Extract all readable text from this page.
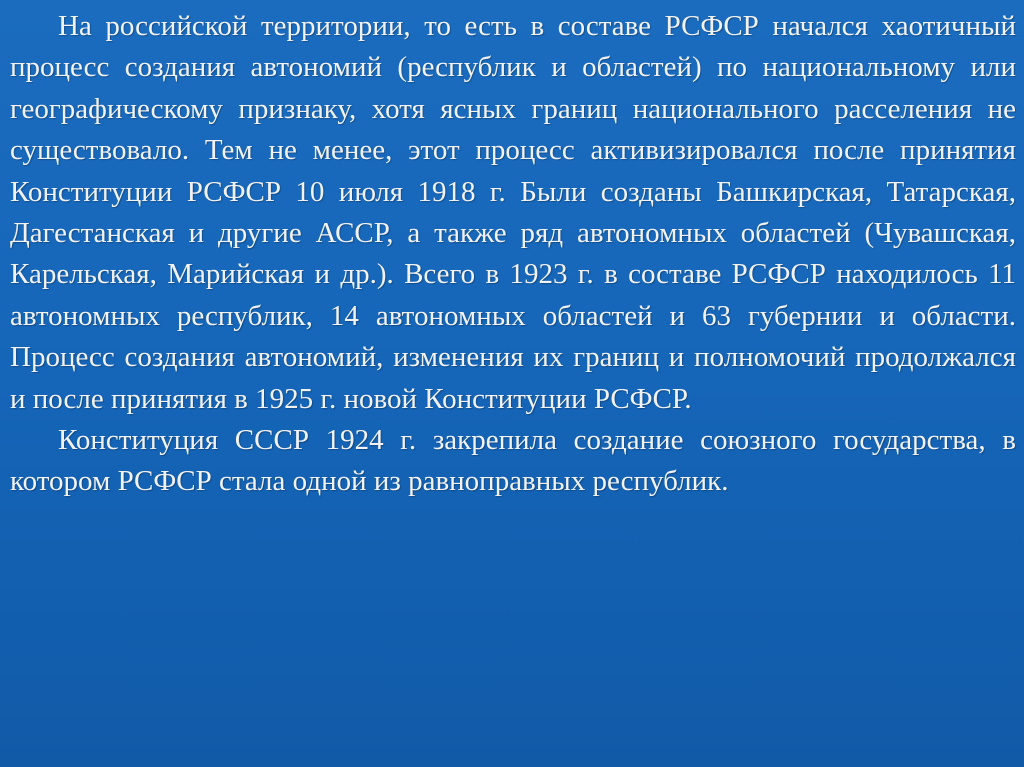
На российской территории, то есть в составе РСФСР начался хаотичный процесс создания автономий (республик и областей) по национальному или географическому признаку, хотя ясных границ национального расселения не существовало. Тем не менее, этот процесс активизировался после принятия Конституции РСФСР 10 июля 1918 г. Были созданы Башкирская, Татарская, Дагестанская и другие АССР, а также ряд автономных областей (Чувашская, Карельская, Марийская и др.). Всего в 1923 г. в составе РСФСР находилось 11 автономных республик, 14 автономных областей и 63 губернии и области. Процесс создания автономий, изменения их границ и полномочий продолжался и после принятия в 1925 г. новой Конституции РСФСР.

Конституция СССР 1924 г. закрепила создание союзного государства, в котором РСФСР стала одной из равноправных республик.
